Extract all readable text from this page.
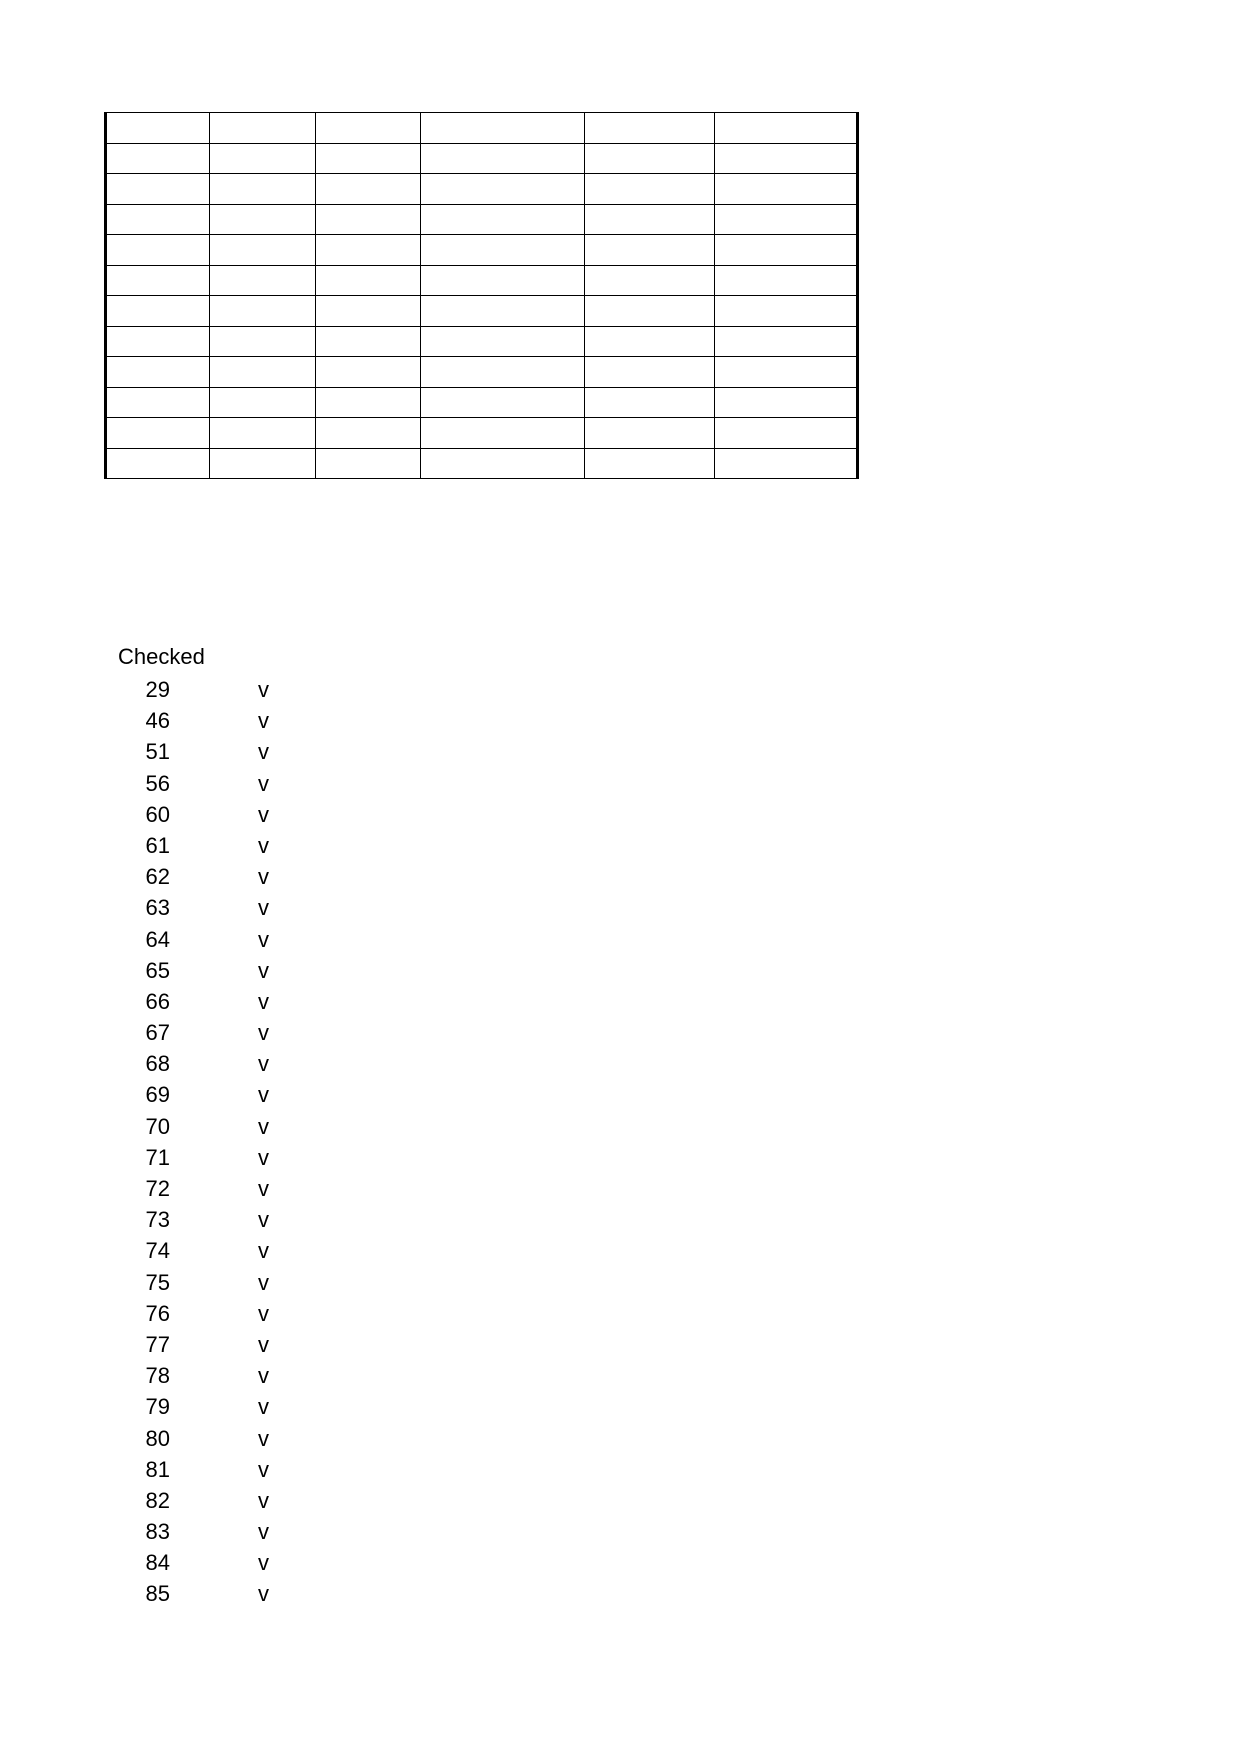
Checked
29	v
46	v
51	v
56	v
60	v
61	v
62	v
63	v
64	v
65	v
66	v
67	v
68	v
69	v
70	v
71	v
72	v
73	v
74	v
75	v
76	v
77	v
78	v
79	v
80	v
81	v
82	v
83	v
84	v
85	v
